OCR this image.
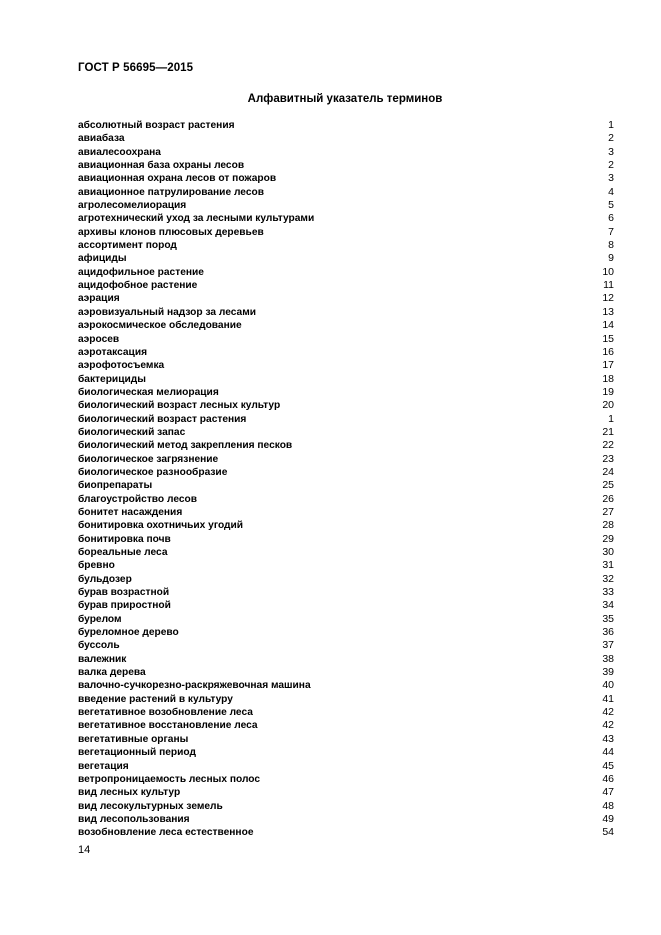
ГОСТ Р 56695—2015
Алфавитный указатель терминов
абсолютный возраст растения	1
авиабаза	2
авиалесоохрана	3
авиационная база охраны лесов	2
авиационная охрана лесов от пожаров	3
авиационное патрулирование лесов	4
агролесомелиорация	5
агротехнический уход за лесными культурами	6
архивы клонов плюсовых деревьев	7
ассортимент пород	8
афициды	9
ацидофильное растение	10
ацидофобное растение	11
аэрация	12
аэровизуальный надзор за лесами	13
аэрокосмическое обследование	14
аэросев	15
аэротаксация	16
аэрофотосъемка	17
бактерициды	18
биологическая мелиорация	19
биологический возраст лесных культур	20
биологический возраст растения	1
биологический запас	21
биологический метод закрепления песков	22
биологическое загрязнение	23
биологическое разнообразие	24
биопрепараты	25
благоустройство лесов	26
бонитет насаждения	27
бонитировка охотничьих угодий	28
бонитировка почв	29
бореальные леса	30
бревно	31
бульдозер	32
бурав возрастной	33
бурав приростной	34
бурелом	35
буреломное дерево	36
буссоль	37
валежник	38
валка дерева	39
валочно-сучкорезно-раскряжевочная машина	40
введение растений в культуру	41
вегетативное возобновление леса	42
вегетативное восстановление леса	42
вегетативные органы	43
вегетационный период	44
вегетация	45
ветропроницаемость лесных полос	46
вид лесных культур	47
вид лесокультурных земель	48
вид лесопользования	49
возобновление леса естественное	54
14
